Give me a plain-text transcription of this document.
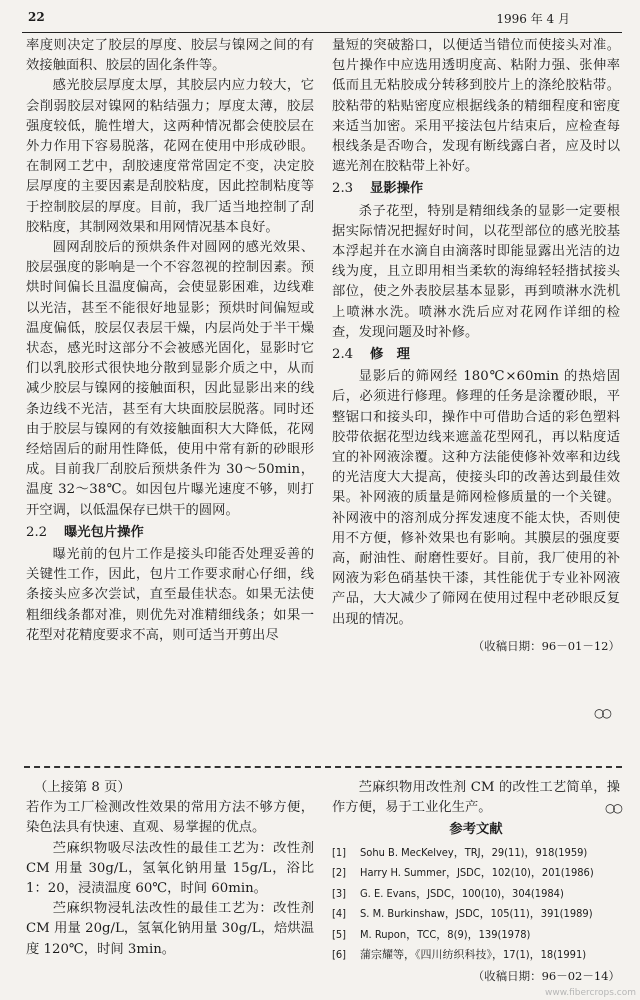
22	1996 年 4 月

率度则决定了胶层的厚度、胶层与镍网之间的有效接触面积、胶层的固化条件等。

感光胶层厚度太厚，其胶层内应力较大，它会削弱胶层对镍网的粘结强力；厚度太薄，胶层强度较低，脆性增大，这两种情况都会使胶层在外力作用下容易脱落，花网在使用中形成砂眼。在制网工艺中，刮胶速度常常固定不变，决定胶层厚度的主要因素是刮胶粘度，因此控制粘度等于控制胶层的厚度。目前，我厂适当地控制了刮胶粘度，其制网效果和用网情况基本良好。

圆网刮胶后的预烘条件对圆网的感光效果、胶层强度的影响是一个不容忽视的控制因素。预烘时间偏长且温度偏高，会使显影困难，边线难以光洁，甚至不能很好地显影；预烘时间偏短或温度偏低，胶层仅表层干燥，内层尚处于半干燥状态，感光时这部分不会被感光固化，显影时它们以乳胶形式很快地分散到显影介质之中，从而减少胶层与镍网的接触面积，因此显影出来的线条边线不光洁，甚至有大块面胶层脱落。同时还由于胶层与镍网的有效接触面积大大降低，花网经焙固后的耐用性降低，使用中常有新的砂眼形成。目前我厂刮胶后预烘条件为 30～50min，温度 32～38℃。如因包片曝光速度不够，则打开空调，以低温保存已烘干的圆网。

2.2 曝光包片操作

曝光前的包片工作是接头印能否处理妥善的关键性工作，因此，包片工作要求耐心仔细，线条接头应多次尝试，直至最佳状态。如果无法使粗细线条都对准，则优先对准精细线条；如果一花型对花精度要求不高，则可适当开剪出尽

量短的突破豁口，以便适当错位而使接头对准。包片操作中应选用透明度高、粘附力强、张伸率低而且无粘胶成分转移到胶片上的涤纶胶粘带。胶粘带的粘贴密度应根据线条的精细程度和密度来适当加密。采用平接法包片结束后，应检查每根线条是否吻合，发现有断线露白者，应及时以遮光剂在胶粘带上补好。

2.3 显影操作

杀子花型，特别是精细线条的显影一定要根据实际情况把握好时间，以花型部位的感光胶基本浮起并在水滴自由滴落时即能显露出光洁的边线为度，且立即用相当柔软的海绵轻轻揩拭接头部位，使之外表胶层基本显影，再到喷淋水洗机上喷淋水洗。喷淋水洗后应对花网作详细的检查，发现问题及时补修。

2.4 修　理

显影后的筛网经 180℃×60min 的热焙固后，必须进行修理。修理的任务是涂覆砂眼，平整锯口和接头印，操作中可借助合适的彩色塑料胶带依据花型边线来遮盖花型网孔，再以粘度适宜的补网液涂覆。这种方法能使修补效率和边线的光洁度大大提高，使接头印的改善达到最佳效果。补网液的质量是筛网检修质量的一个关键。补网液中的溶剂成分挥发速度不能太快，否则使用不方便，修补效果也有影响。其膜层的强度要高，耐油性、耐磨性要好。目前，我厂使用的补网液为彩色硝基快干漆，其性能优于专业补网液产品，大大减少了筛网在使用过程中老砂眼反复出现的情况。

（收稿日期：96－01－12）

○○

（上接第 8 页）

若作为工厂检测改性效果的常用方法不够方便，染色法具有快速、直观、易掌握的优点。

苎麻织物吸尽法改性的最佳工艺为：改性剂 CM 用量 30g/L，氢氧化钠用量 15g/L，浴比 1：20，浸渍温度 60℃，时间 60min。

苎麻织物浸轧法改性的最佳工艺为：改性剂 CM 用量 20g/L，氢氧化钠用量 30g/L，焙烘温度 120℃，时间 3min。

苎麻织物用改性剂 CM 的改性工艺简单，操作方便，易于工业化生产。	○○

参考文献

[1] Sohu B. MecKelvey，TRJ，29(11)，918(1959)
[2] Harry H. Summer，JSDC，102(10)，201(1986)
[3] G. E. Evans，JSDC，100(10)，304(1984)
[4] S. M. Burkinshaw，JSDC，105(11)，391(1989)
[5] M. Rupon，TCC，8(9)，139(1978)
[6] 蒲宗耀等，《四川纺织科技》，17(1)，18(1991)

（收稿日期：96－02－14）

www.fibercrops.com
